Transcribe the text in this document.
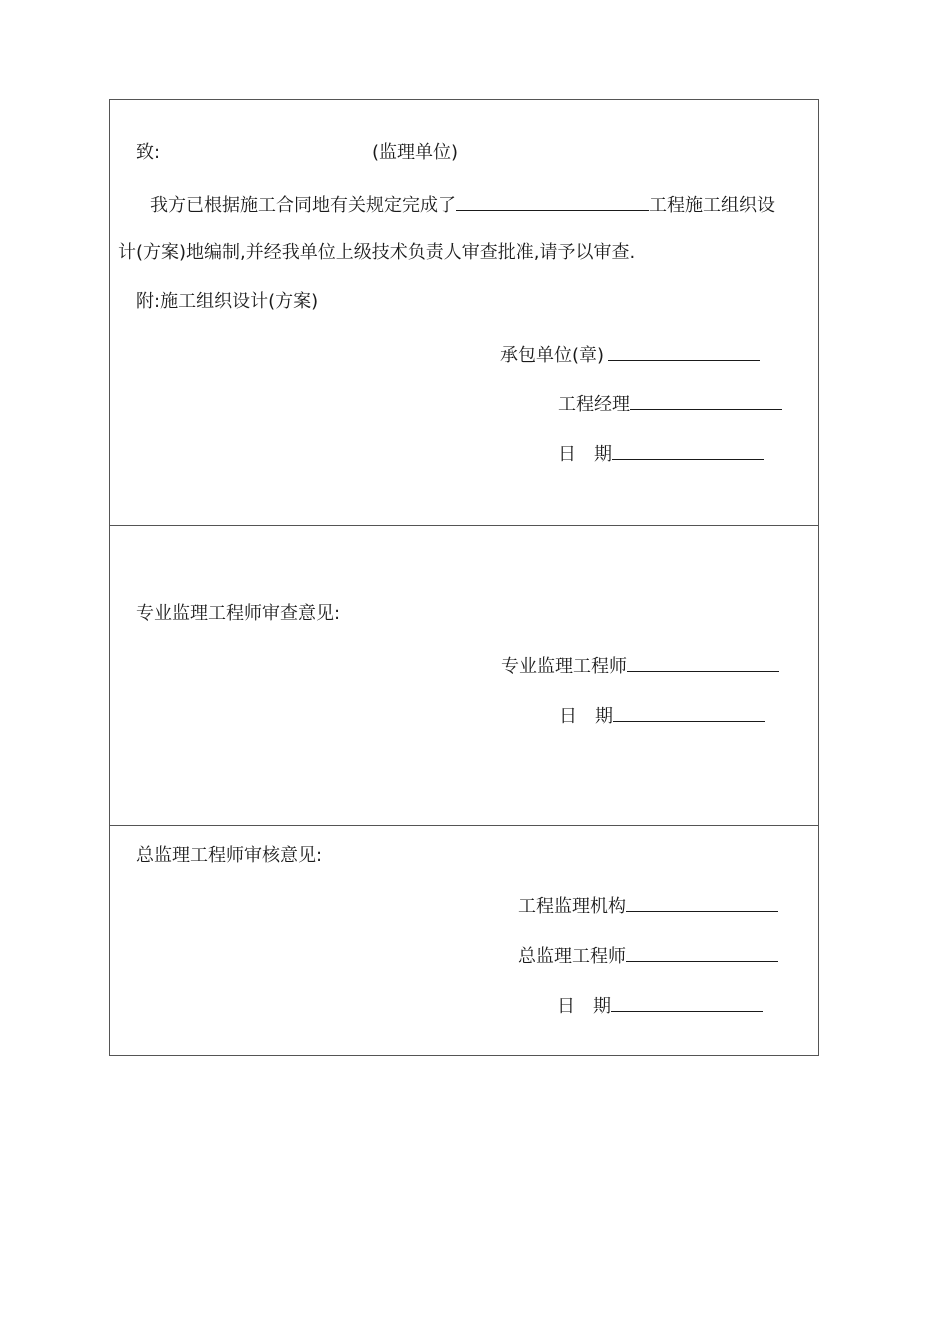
致:	(监理单位)
我方已根据施工合同地有关规定完成了	工程施工组织设
计(方案)地编制,并经我单位上级技术负责人审查批准,请予以审查.
附:施工组织设计(方案)
承包单位(章)
工程经理
日　期
专业监理工程师审查意见:
专业监理工程师
日　期
总监理工程师审核意见:
工程监理机构
总监理工程师
日　期
